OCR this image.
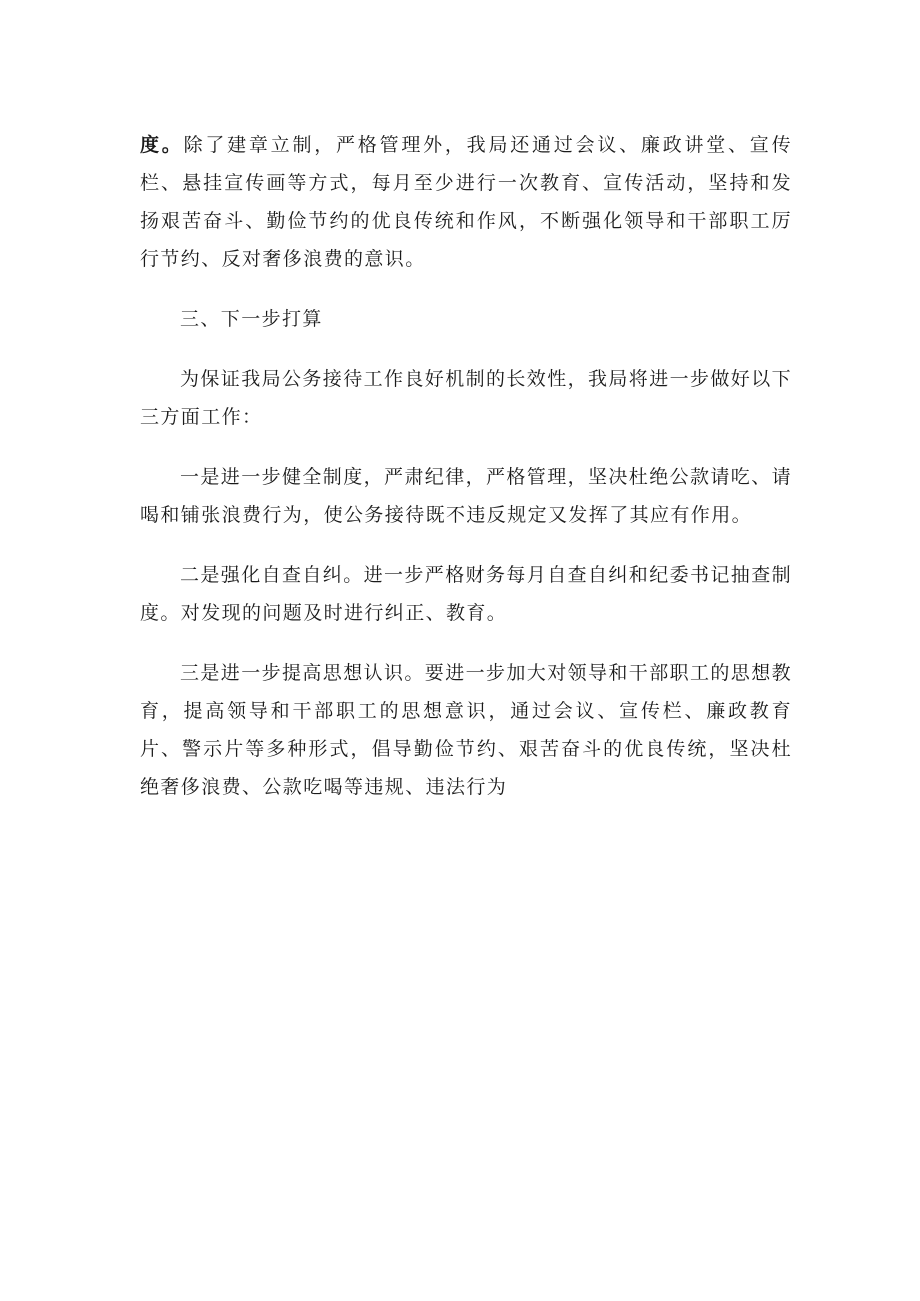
度。除了建章立制，严格管理外，我局还通过会议、廉政讲堂、宣传栏、悬挂宣传画等方式，每月至少进行一次教育、宣传活动，坚持和发扬艰苦奋斗、勤俭节约的优良传统和作风，不断强化领导和干部职工厉行节约、反对奢侈浪费的意识。

三、下一步打算

为保证我局公务接待工作良好机制的长效性，我局将进一步做好以下三方面工作：

一是进一步健全制度，严肃纪律，严格管理，坚决杜绝公款请吃、请喝和铺张浪费行为，使公务接待既不违反规定又发挥了其应有作用。

二是强化自查自纠。进一步严格财务每月自查自纠和纪委书记抽查制度。对发现的问题及时进行纠正、教育。

三是进一步提高思想认识。要进一步加大对领导和干部职工的思想教育，提高领导和干部职工的思想意识，通过会议、宣传栏、廉政教育片、警示片等多种形式，倡导勤俭节约、艰苦奋斗的优良传统，坚决杜绝奢侈浪费、公款吃喝等违规、违法行为
